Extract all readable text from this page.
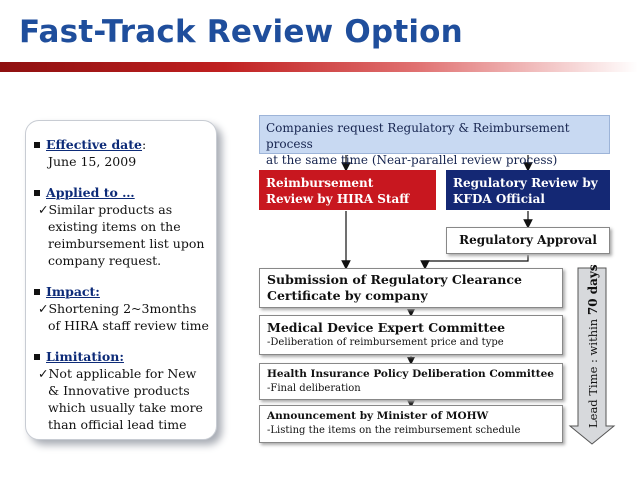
Fast-Track Review Option
Effective date:
June 15, 2009
Applied to …
✓Similar products as
existing items on the
reimbursement list upon
company request.
Impact:
✓Shortening 2~3months
of HIRA staff review time
Limitation:
✓Not applicable for New
& Innovative products
which usually take more
than official lead time
Companies request Regulatory & Reimbursement process
at the same time (Near-parallel review process)
Reimbursement
Review by HIRA Staff
Regulatory Review by
KFDA Official
Regulatory Approval
Submission of Regulatory Clearance
Certificate by company
Medical Device Expert Committee
-Deliberation of reimbursement price and type
Health Insurance Policy Deliberation Committee
-Final deliberation
Announcement by Minister of MOHW
-Listing the items on the reimbursement schedule
Lead Time : within 70 days
